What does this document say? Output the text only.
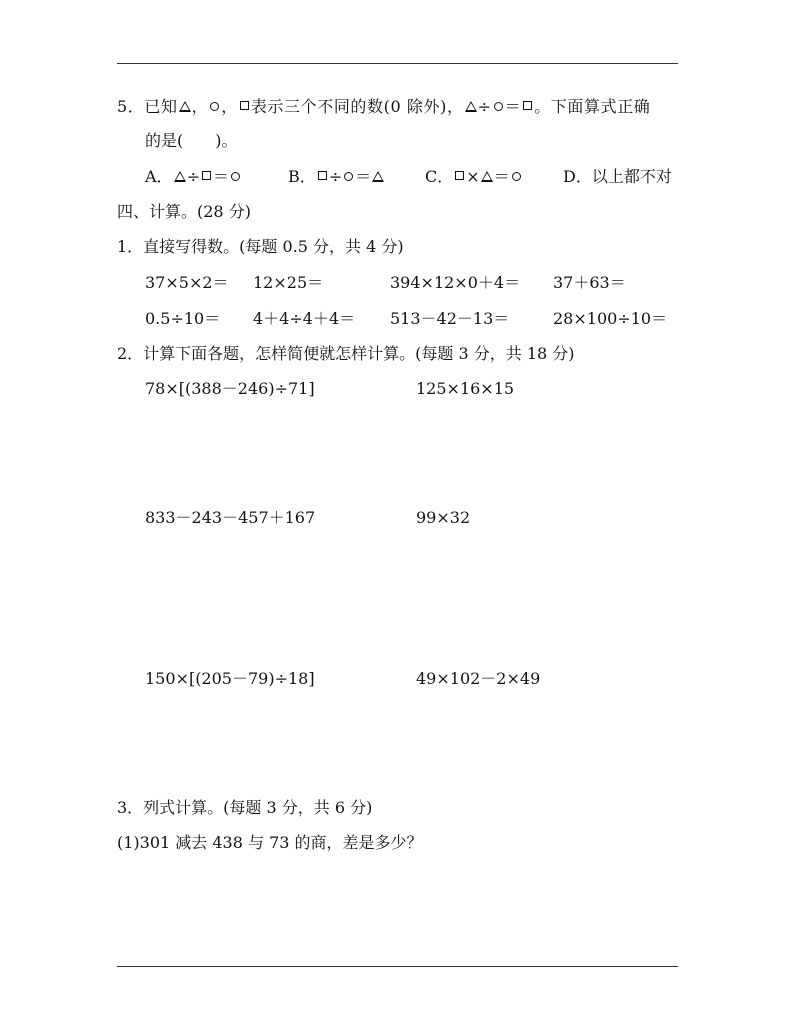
5．已知 ， ， 表示三个不同的数(0 除外)， ÷ ＝ 。下面算式正确
的是(　　)。
A． ÷ ＝	B． ÷ ＝	C． × ＝	D．以上都不对
四、计算。(28 分)
1．直接写得数。(每题 0.5 分，共 4 分)
37×5×2＝ 12×25＝	394×12×0＋4＝ 37＋63＝
0.5÷10＝ 4＋4÷4＋4＝ 513－42－13＝	28×100÷10＝
2．计算下面各题，怎样简便就怎样计算。(每题 3 分，共 18 分)
78×[(388－246)÷71]	125×16×15
833－243－457＋167	99×32
150×[(205－79)÷18]	49×102－2×49
3．列式计算。(每题 3 分，共 6 分)
(1)301 减去 438 与 73 的商，差是多少？
